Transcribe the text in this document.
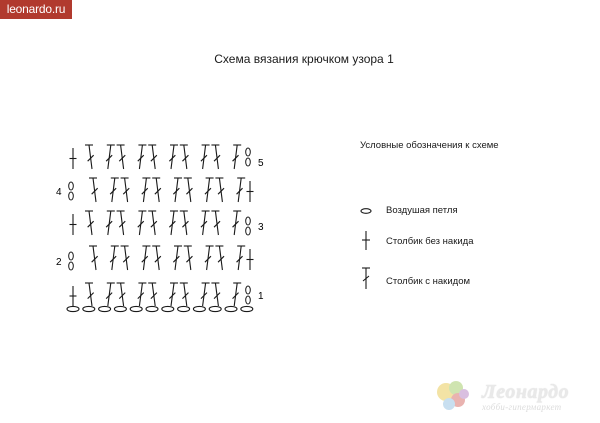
leonardo.ru
Схема вязания крючком узора 1
1
2
3
4
5
Условные обозначения к схеме
Воздушая петля
Столбик без накида
Столбик с накидом
Леонардо
хобби-гипермаркет
